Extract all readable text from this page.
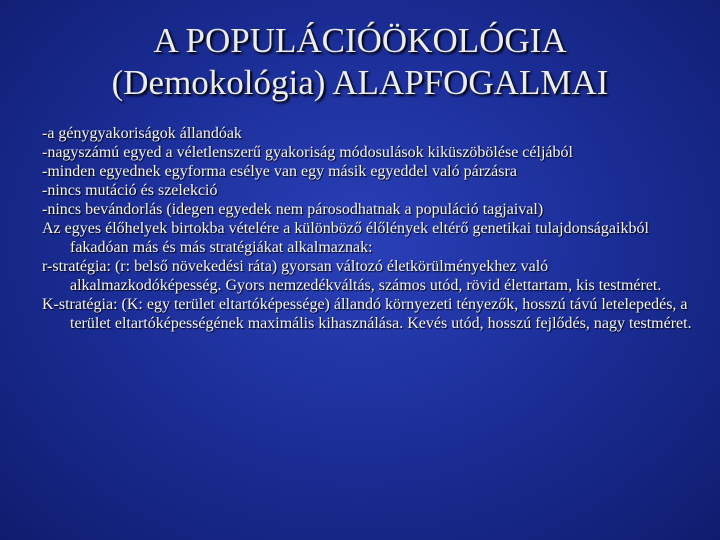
A POPULÁCIÓÖKOLÓGIA
(Demokológia) ALAPFOGALMAI

-a génygyakoriságok állandóak

-nagyszámú egyed a véletlenszerű gyakoriság módosulások kiküszöbölése céljából

-minden egyednek egyforma esélye van egy másik egyeddel való párzásra

-nincs mutáció és szelekció

-nincs bevándorlás (idegen egyedek nem párosodhatnak a populáció tagjaival)

Az egyes élőhelyek birtokba vételére a különböző élőlények eltérő genetikai tulajdonságaikból fakadóan más és más stratégiákat alkalmaznak:

r-stratégia: (r: belső növekedési ráta) gyorsan változó életkörülményekhez való alkalmazkodóképesség. Gyors nemzedékváltás, számos utód, rövid élettartam, kis testméret.

K-stratégia: (K: egy terület eltartóképessége) állandó környezeti tényezők, hosszú távú letelepedés, a terület eltartóképességének maximális kihasználása. Kevés utód, hosszú fejlődés, nagy testméret.
